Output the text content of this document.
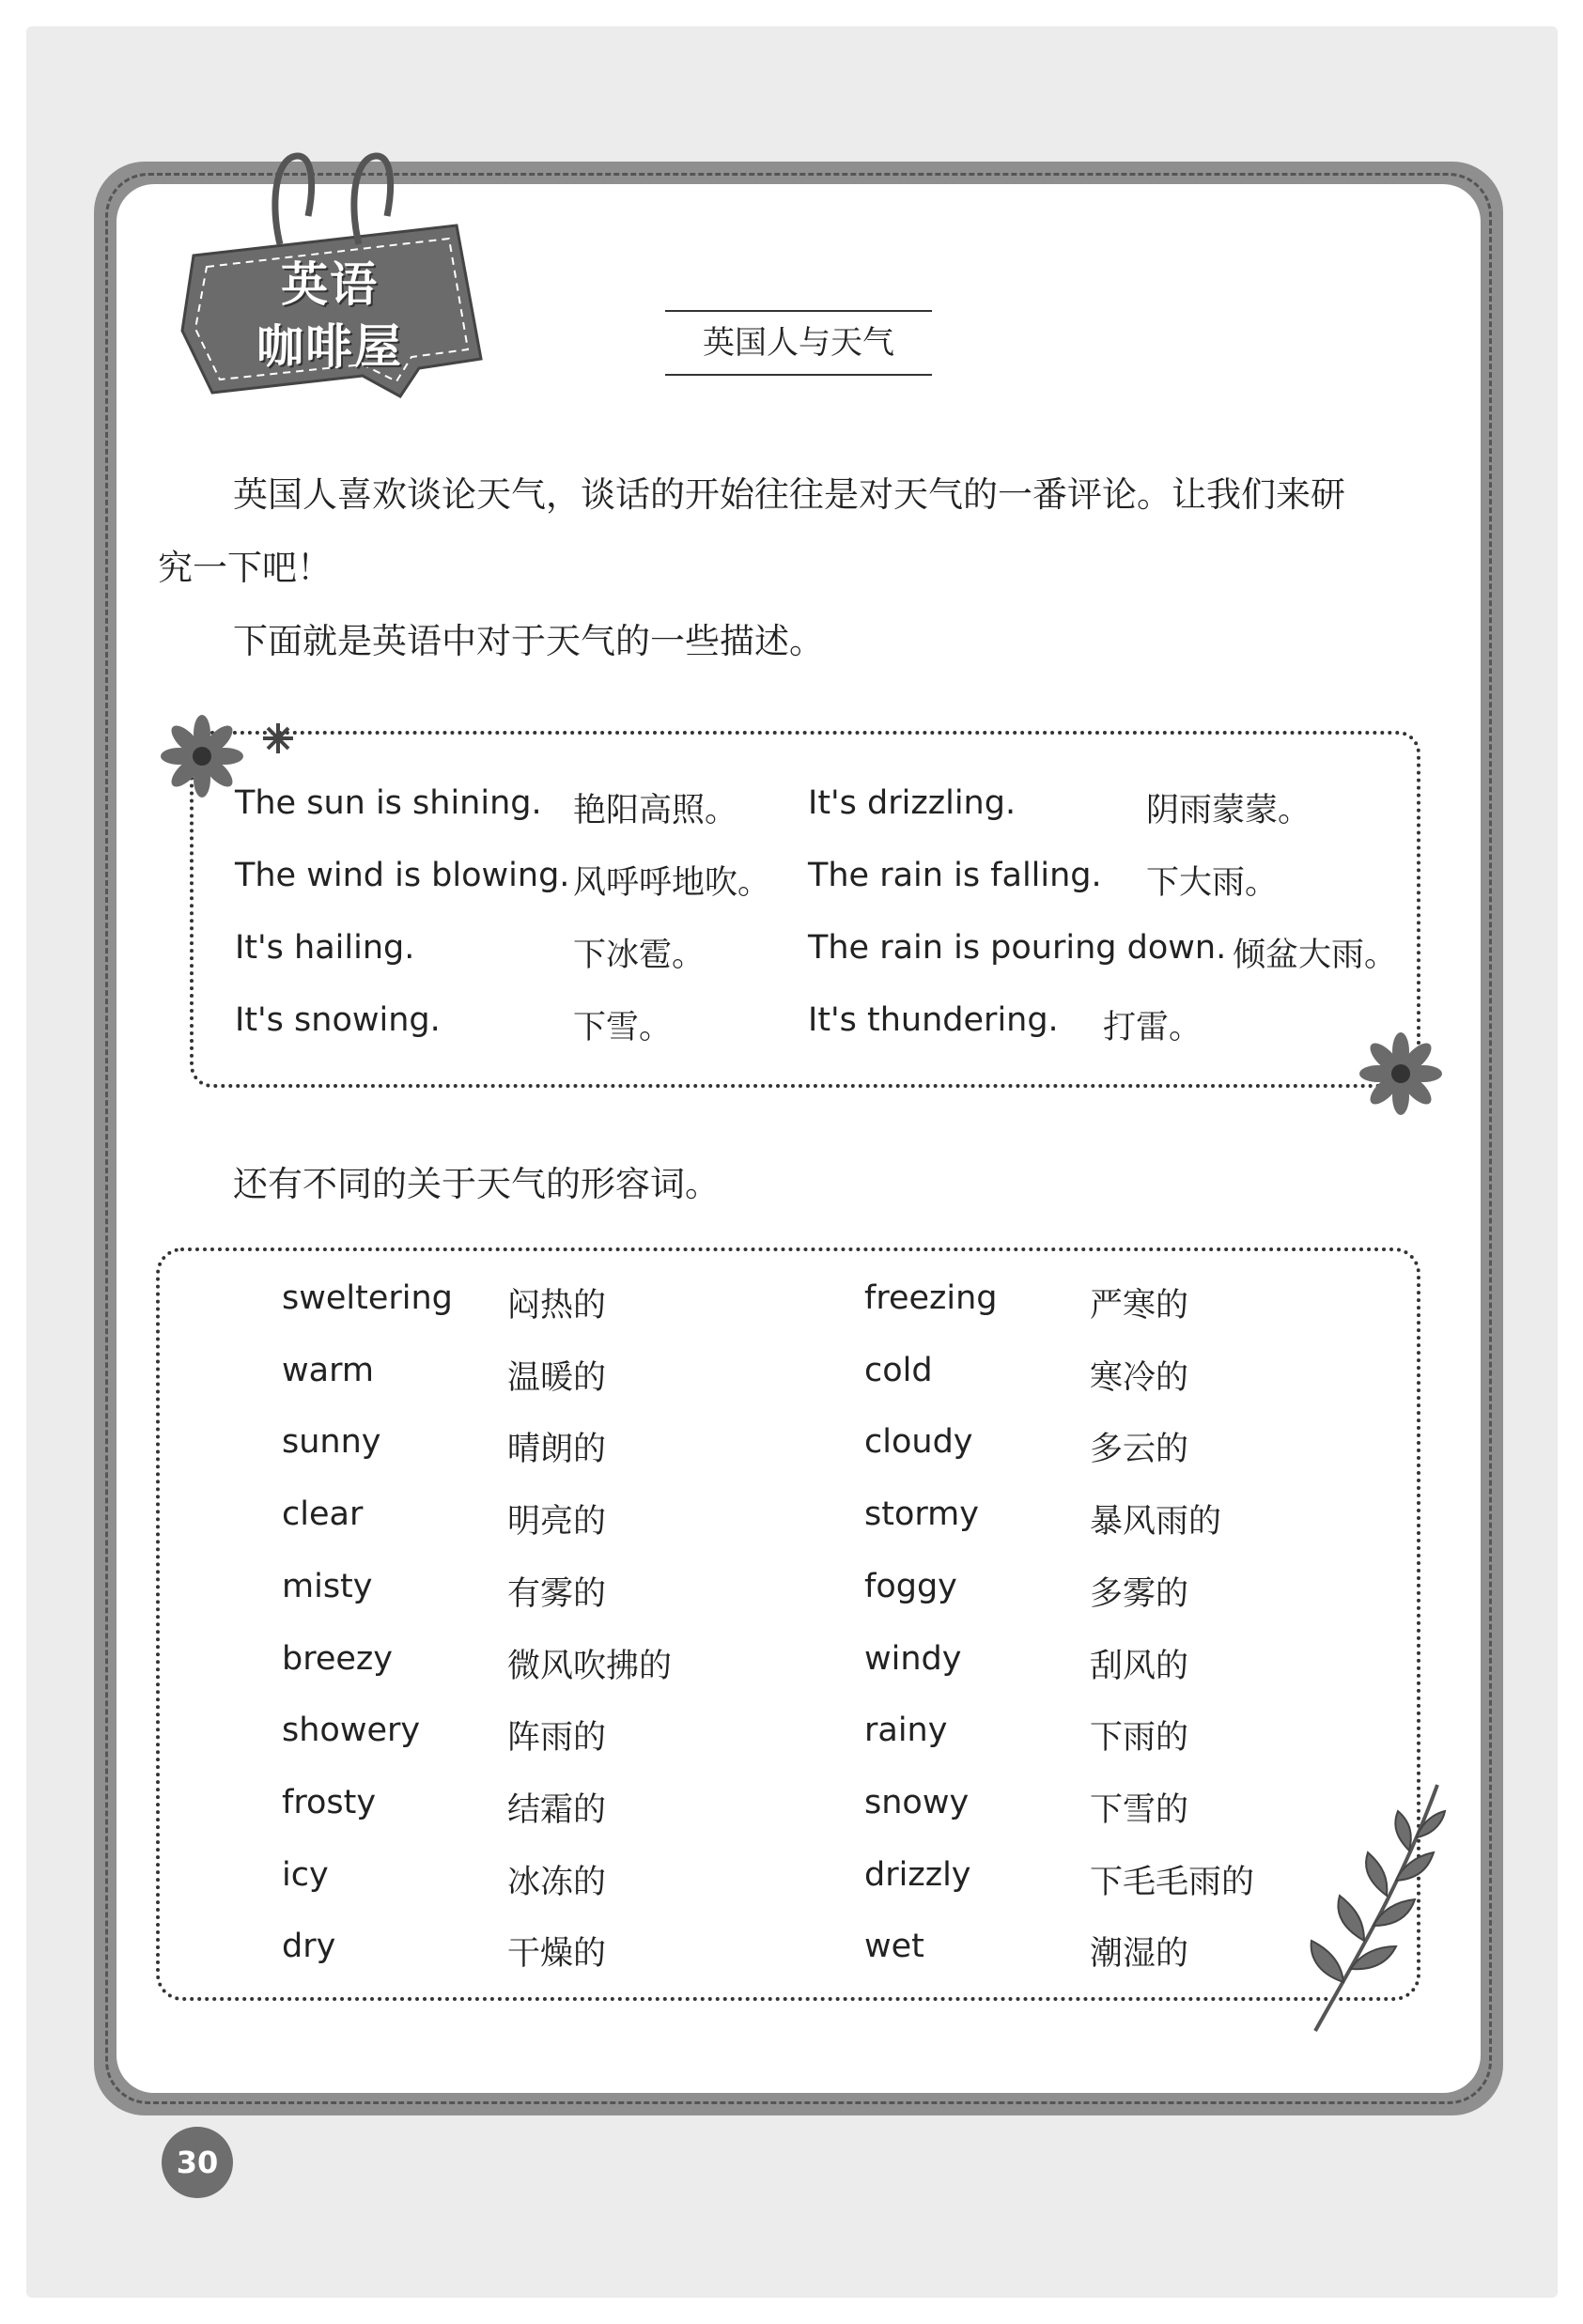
英语
咖啡屋	英国人与天气
英国人喜欢谈论天气，谈话的开始往往是对天气的一番评论。让我们来研
究一下吧！
下面就是英语中对于天气的一些描述。
The sun is shining. 艳阳高照。 It's drizzling.	阴雨蒙蒙。
The wind is blowing. 风呼呼地吹。 The rain is falling. 下大雨。
It's hailing.	下冰雹。	The rain is pouring down. 倾盆大雨。
It's snowing.	下雪。	It's thundering. 打雷。
还有不同的关于天气的形容词。
sweltering 闷热的	freezing	严寒的
warm	温暖的	cold	寒冷的
sunny	晴朗的	cloudy	多云的
clear	明亮的	stormy	暴风雨的
misty	有雾的	foggy	多雾的
breezy	微风吹拂的	windy	刮风的
showery	阵雨的	rainy	下雨的
frosty	结霜的	snowy	下雪的
icy	冰冻的	drizzly	下毛毛雨的
dry	干燥的	wet	潮湿的
30
